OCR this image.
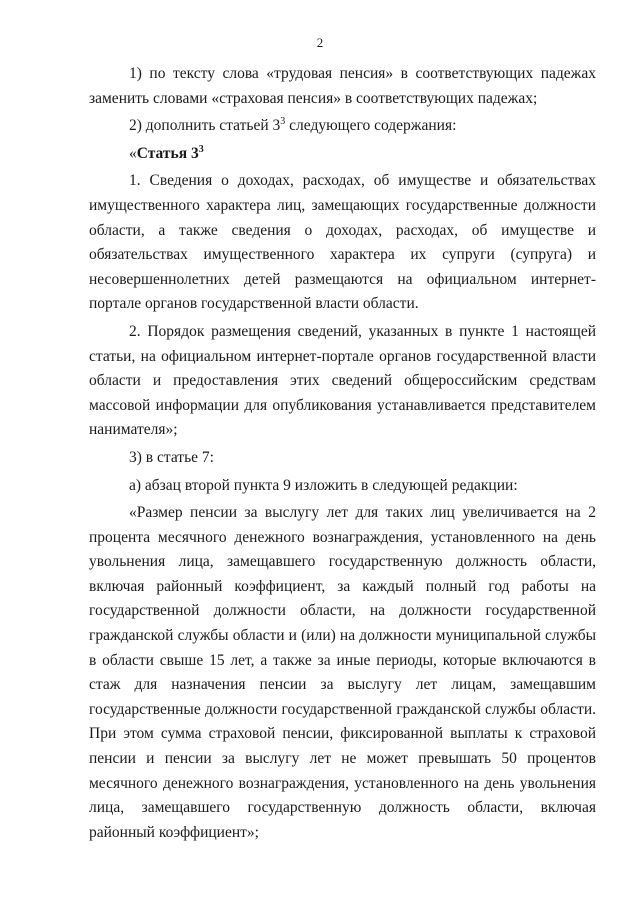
2

1) по тексту слова «трудовая пенсия» в соответствующих падежах заменить словами «страховая пенсия» в соответствующих падежах;

2) дополнить статьей $3^3$ следующего содержания:

«Статья $3^3$

1. Сведения о доходах, расходах, об имуществе и обязательствах имущественного характера лиц, замещающих государственные должности области, а также сведения о доходах, расходах, об имуществе и обязательствах имущественного характера их супруги (супруга) и несовершеннолетних детей размещаются на официальном интернет-портале органов государственной власти области.

2. Порядок размещения сведений, указанных в пункте 1 настоящей статьи, на официальном интернет-портале органов государственной власти области и предоставления этих сведений общероссийским средствам массовой информации для опубликования устанавливается представителем нанимателя»;

3) в статье 7:

а) абзац второй пункта 9 изложить в следующей редакции:

«Размер пенсии за выслугу лет для таких лиц увеличивается на 2 процента месячного денежного вознаграждения, установленного на день увольнения лица, замещавшего государственную должность области, включая районный коэффициент, за каждый полный год работы на государственной должности области, на должности государственной гражданской службы области и (или) на должности муниципальной службы в области свыше 15 лет, а также за иные периоды, которые включаются в стаж для назначения пенсии за выслугу лет лицам, замещавшим государственные должности государственной гражданской службы области. При этом сумма страховой пенсии, фиксированной выплаты к страховой пенсии и пенсии за выслугу лет не может превышать 50 процентов месячного денежного вознаграждения, установленного на день увольнения лица, замещавшего государственную должность области, включая районный коэффициент»;
